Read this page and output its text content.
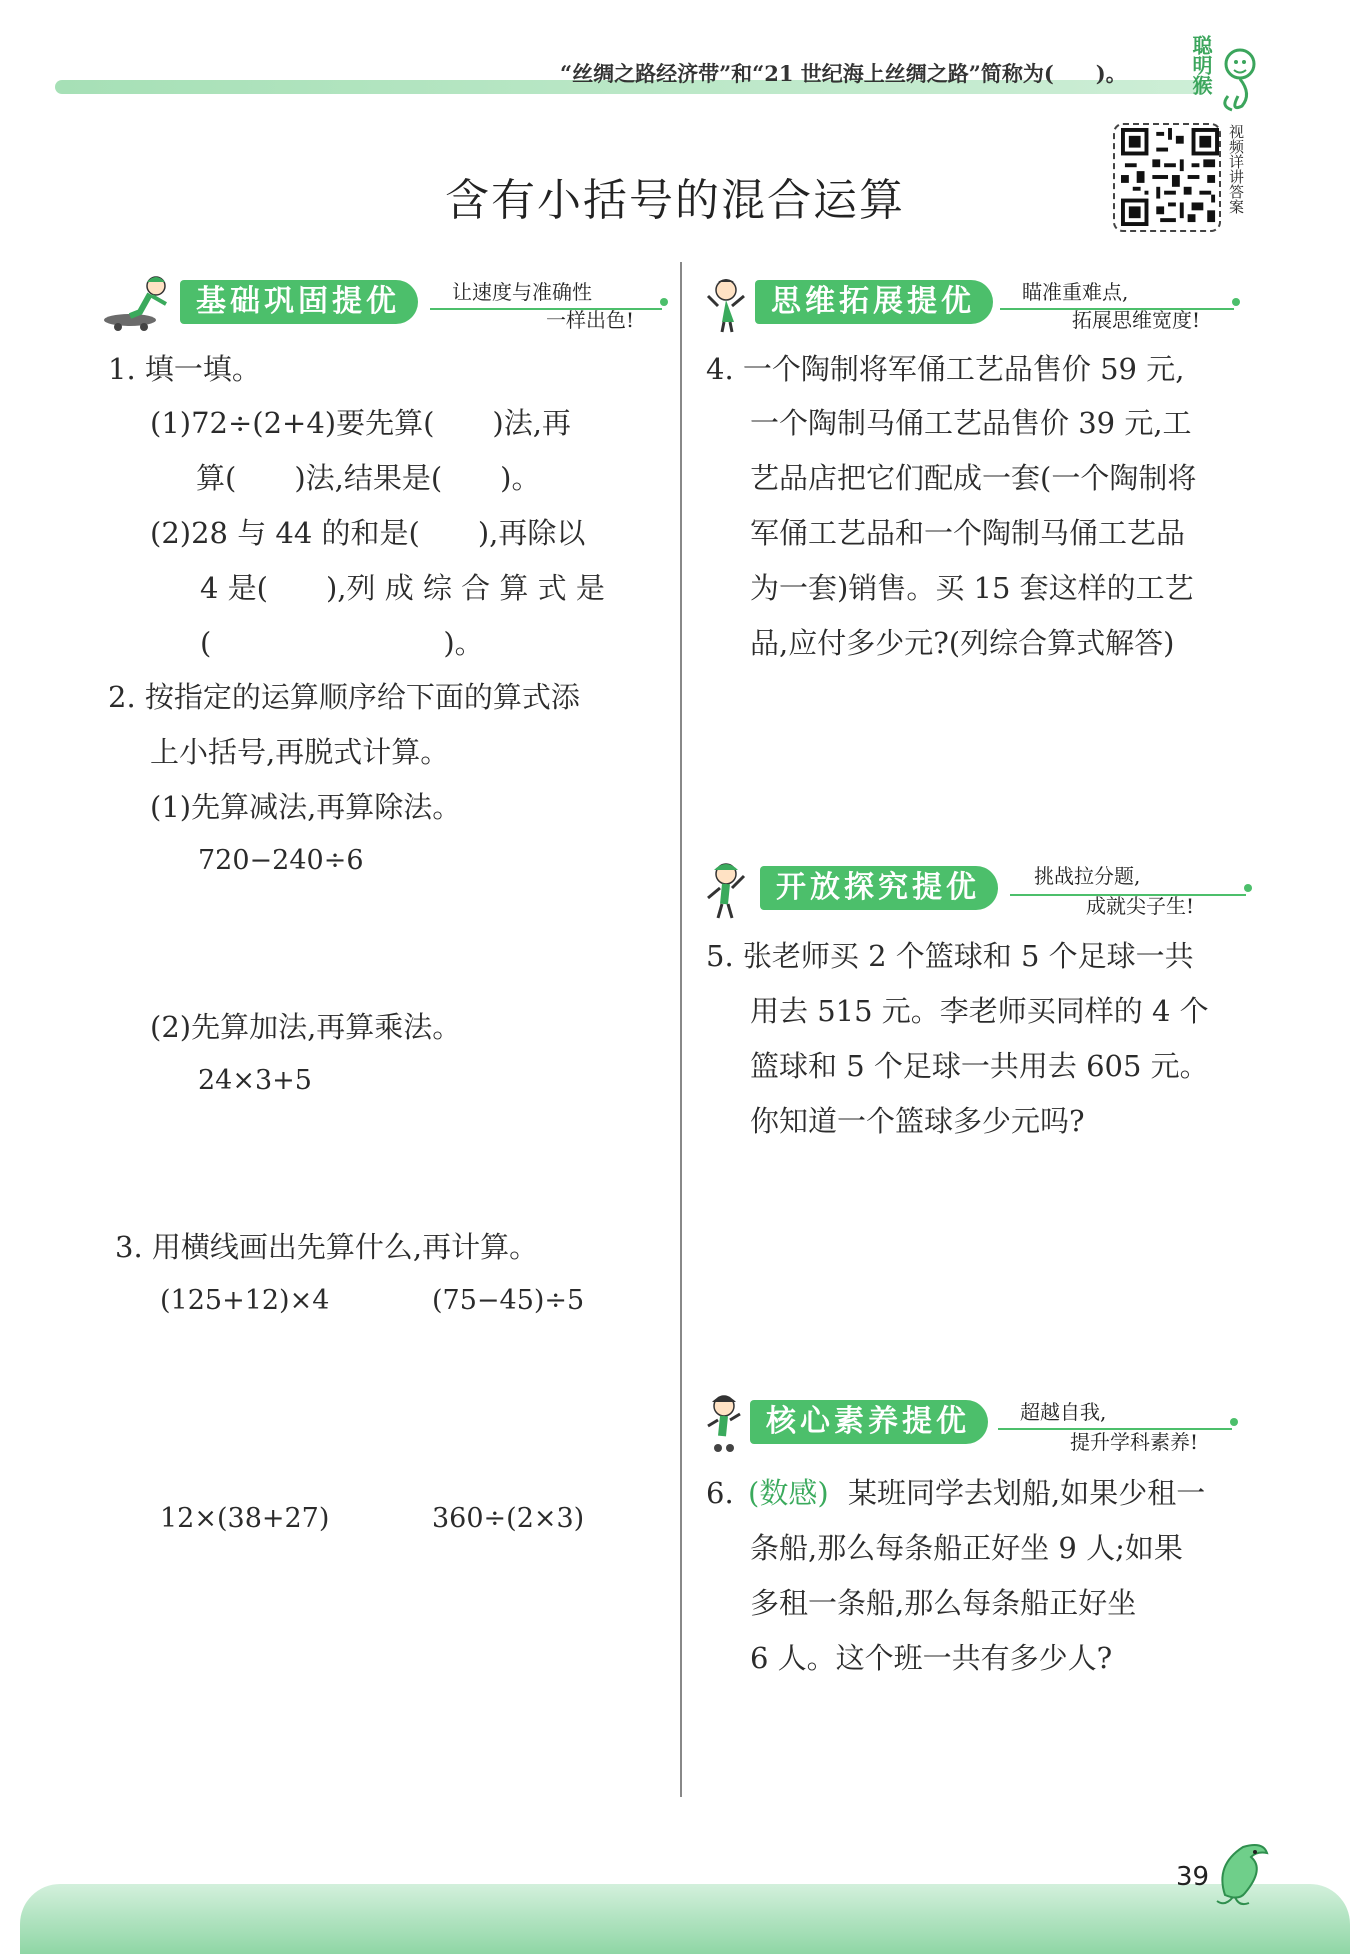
“丝绸之路经济带”和“21 世纪海上丝绸之路”简称为(　　)。	聪明猴
视频详讲答案
含有小括号的混合运算
基础巩固提优	让速度与准确性
一样出色!
1. 填一填。
(1)72÷(2+4)要先算(　　)法,再
算(　　)法,结果是(　　)。
(2)28 与 44 的和是(　　),再除以
4 是(　　),列 成 综 合 算 式 是
(　　　　　　　　)。
2. 按指定的运算顺序给下面的算式添
上小括号,再脱式计算。
(1)先算减法,再算除法。
720−240÷6
(2)先算加法,再算乘法。
24×3+5
3. 用横线画出先算什么,再计算。
(125+12)×4	(75−45)÷5
12×(38+27)	360÷(2×3)
思维拓展提优	瞄准重难点,
拓展思维宽度!
4. 一个陶制将军俑工艺品售价 59 元,
一个陶制马俑工艺品售价 39 元,工
艺品店把它们配成一套(一个陶制将
军俑工艺品和一个陶制马俑工艺品
为一套)销售。买 15 套这样的工艺
品,应付多少元?(列综合算式解答)
开放探究提优	挑战拉分题,
成就尖子生!
5. 张老师买 2 个篮球和 5 个足球一共
用去 515 元。李老师买同样的 4 个
篮球和 5 个足球一共用去 605 元。
你知道一个篮球多少元吗?
核心素养提优	超越自我,
提升学科素养!
6. (数感) 某班同学去划船,如果少租一
条船,那么每条船正好坐 9 人;如果
多租一条船,那么每条船正好坐
6 人。这个班一共有多少人?
39
